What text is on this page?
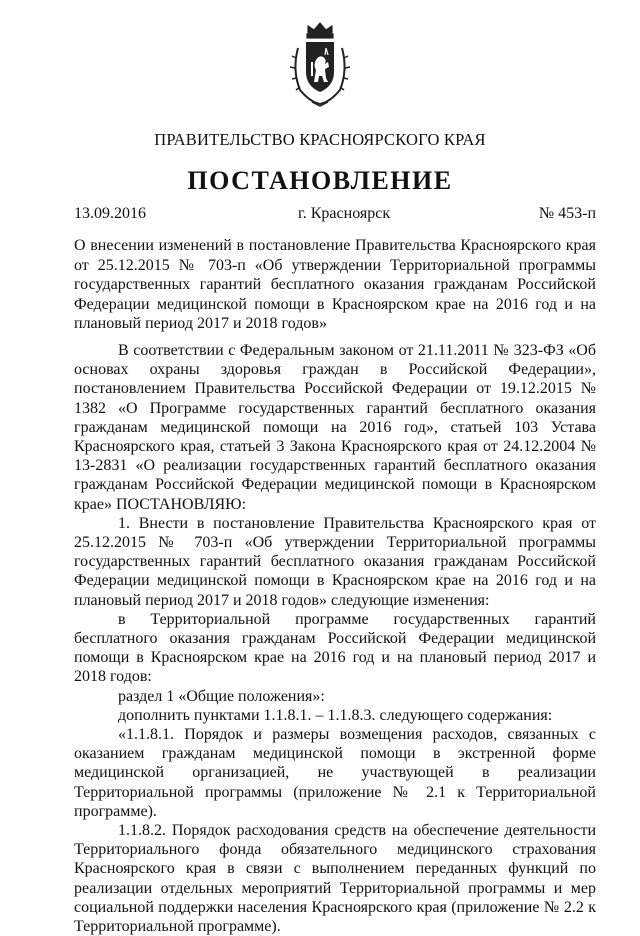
ПРАВИТЕЛЬСТВО КРАСНОЯРСКОГО КРАЯ
ПОСТАНОВЛЕНИЕ
13.09.2016	г. Красноярск	№ 453-п
О внесении изменений в постановление Правительства Красноярского края от 25.12.2015 № 703-п «Об утверждении Территориальной программы государственных гарантий бесплатного оказания гражданам Российской Федерации медицинской помощи в Красноярском крае на 2016 год и на плановый период 2017 и 2018 годов»

В соответствии с Федеральным законом от 21.11.2011 № 323-ФЗ «Об основах охраны здоровья граждан в Российской Федерации», постановлением Правительства Российской Федерации от 19.12.2015 № 1382 «О Программе государственных гарантий бесплатного оказания гражданам медицинской помощи на 2016 год», статьей 103 Устава Красноярского края, статьей 3 Закона Красноярского края от 24.12.2004 № 13-2831 «О реализации государственных гарантий бесплатного оказания гражданам Российской Федерации медицинской помощи в Красноярском крае» ПОСТАНОВЛЯЮ:

1. Внести в постановление Правительства Красноярского края от 25.12.2015 № 703-п «Об утверждении Территориальной программы государственных гарантий бесплатного оказания гражданам Российской Федерации медицинской помощи в Красноярском крае на 2016 год и на плановый период 2017 и 2018 годов» следующие изменения:

в Территориальной программе государственных гарантий бесплатного оказания гражданам Российской Федерации медицинской помощи в Красноярском крае на 2016 год и на плановый период 2017 и 2018 годов:

раздел 1 «Общие положения»:

дополнить пунктами 1.1.8.1. – 1.1.8.3. следующего содержания:

«1.1.8.1. Порядок и размеры возмещения расходов, связанных с оказанием гражданам медицинской помощи в экстренной форме медицинской организацией, не участвующей в реализации Территориальной программы (приложение № 2.1 к Территориальной программе).

1.1.8.2. Порядок расходования средств на обеспечение деятельности Территориального фонда обязательного медицинского страхования Красноярского края в связи с выполнением переданных функций по реализации отдельных мероприятий Территориальной программы и мер социальной поддержки населения Красноярского края (приложение № 2.2 к Территориальной программе).
